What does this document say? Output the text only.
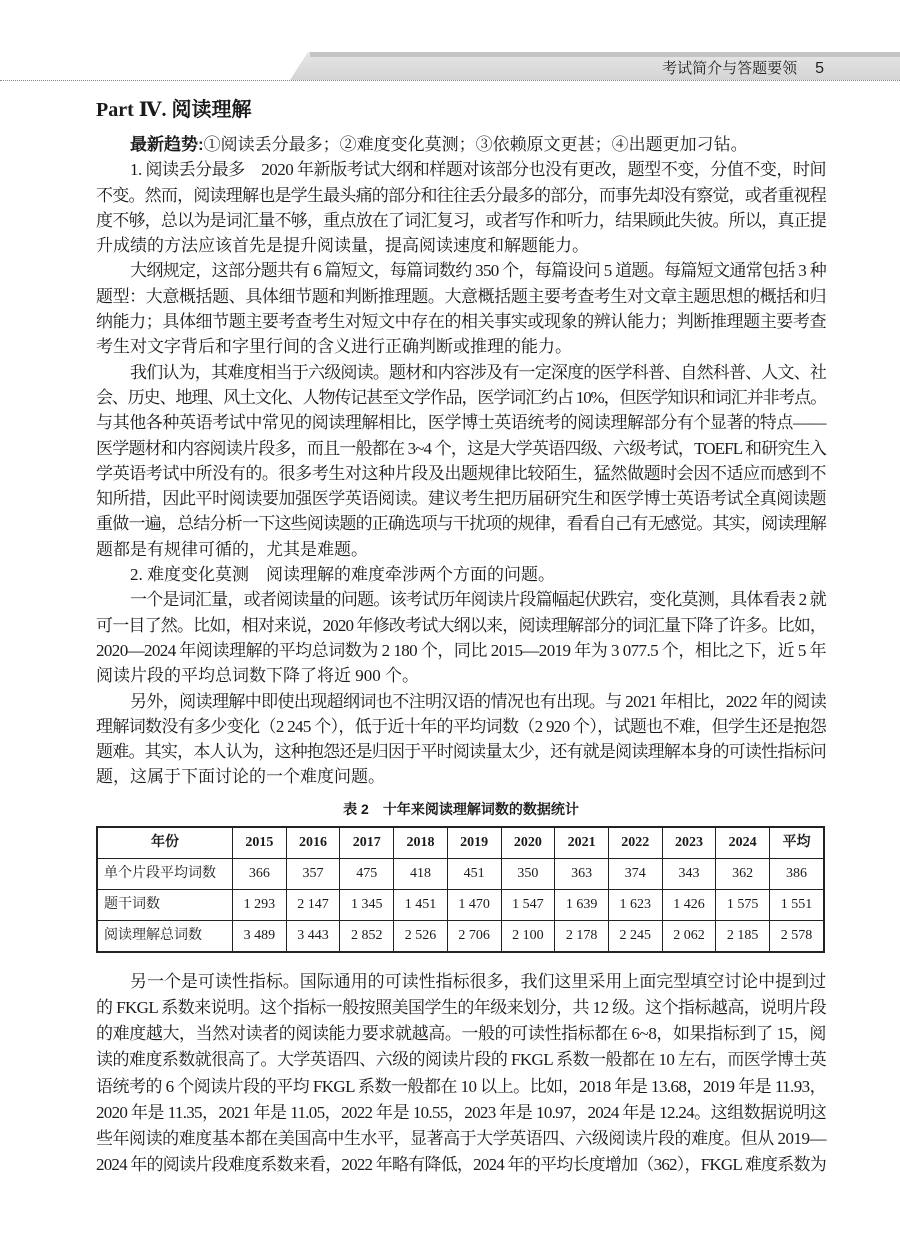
考试简介与答题要领 5
Part Ⅳ. 阅读理解
最新趋势:①阅读丢分最多；②难度变化莫测；③依赖原文更甚；④出题更加刁钻。
1. 阅读丢分最多　2020 年新版考试大纲和样题对该部分也没有更改，题型不变，分值不变，时间
不变。然而，阅读理解也是学生最头痛的部分和往往丢分最多的部分，而事先却没有察觉，或者重视程
度不够，总以为是词汇量不够，重点放在了词汇复习，或者写作和听力，结果顾此失彼。所以，真正提
升成绩的方法应该首先是提升阅读量，提高阅读速度和解题能力。
大纲规定，这部分题共有 6 篇短文，每篇词数约 350 个，每篇设问 5 道题。每篇短文通常包括 3 种
题型：大意概括题、具体细节题和判断推理题。大意概括题主要考查考生对文章主题思想的概括和归
纳能力；具体细节题主要考查考生对短文中存在的相关事实或现象的辨认能力；判断推理题主要考查
考生对文字背后和字里行间的含义进行正确判断或推理的能力。
我们认为，其难度相当于六级阅读。题材和内容涉及有一定深度的医学科普、自然科普、人文、社
会、历史、地理、风土文化、人物传记甚至文学作品，医学词汇约占 10%，但医学知识和词汇并非考点。
与其他各种英语考试中常见的阅读理解相比，医学博士英语统考的阅读理解部分有个显著的特点——
医学题材和内容阅读片段多，而且一般都在 3~4 个，这是大学英语四级、六级考试，TOEFL 和研究生入
学英语考试中所没有的。很多考生对这种片段及出题规律比较陌生，猛然做题时会因不适应而感到不
知所措，因此平时阅读要加强医学英语阅读。建议考生把历届研究生和医学博士英语考试全真阅读题
重做一遍，总结分析一下这些阅读题的正确选项与干扰项的规律，看看自己有无感觉。其实，阅读理解
题都是有规律可循的，尤其是难题。
2. 难度变化莫测　阅读理解的难度牵涉两个方面的问题。
一个是词汇量，或者阅读量的问题。该考试历年阅读片段篇幅起伏跌宕，变化莫测，具体看表 2 就
可一目了然。比如，相对来说，2020 年修改考试大纲以来，阅读理解部分的词汇量下降了许多。比如，
2020—2024 年阅读理解的平均总词数为 2 180 个，同比 2015—2019 年为 3 077.5 个，相比之下，近 5 年
阅读片段的平均总词数下降了将近 900 个。
另外，阅读理解中即使出现超纲词也不注明汉语的情况也有出现。与 2021 年相比，2022 年的阅读
理解词数没有多少变化（2 245 个），低于近十年的平均词数（2 920 个），试题也不难，但学生还是抱怨
题难。其实，本人认为，这种抱怨还是归因于平时阅读量太少，还有就是阅读理解本身的可读性指标问
题，这属于下面讨论的一个难度问题。
表 2　十年来阅读理解词数的数据统计
年份	2015	2016	2017	2018	2019	2020	2021	2022	2023	2024	平均
单个片段平均词数	366	357	475	418	451	350	363	374	343	362	386
题干词数	1 293	2 147	1 345	1 451	1 470	1 547	1 639	1 623	1 426	1 575	1 551
阅读理解总词数	3 489	3 443	2 852	2 526	2 706	2 100	2 178	2 245	2 062	2 185	2 578
另一个是可读性指标。国际通用的可读性指标很多，我们这里采用上面完型填空讨论中提到过
的 FKGL 系数来说明。这个指标一般按照美国学生的年级来划分，共 12 级。这个指标越高，说明片段
的难度越大，当然对读者的阅读能力要求就越高。一般的可读性指标都在 6~8，如果指标到了 15，阅
读的难度系数就很高了。大学英语四、六级的阅读片段的 FKGL 系数一般都在 10 左右，而医学博士英
语统考的 6 个阅读片段的平均 FKGL 系数一般都在 10 以上。比如，2018 年是 13.68，2019 年是 11.93，
2020 年是 11.35，2021 年是 11.05，2022 年是 10.55，2023 年是 10.97，2024 年是 12.24。这组数据说明这
些年阅读的难度基本都在美国高中生水平，显著高于大学英语四、六级阅读片段的难度。但从 2019—
2024 年的阅读片段难度系数来看，2022 年略有降低，2024 年的平均长度增加（362），FKGL 难度系数为
